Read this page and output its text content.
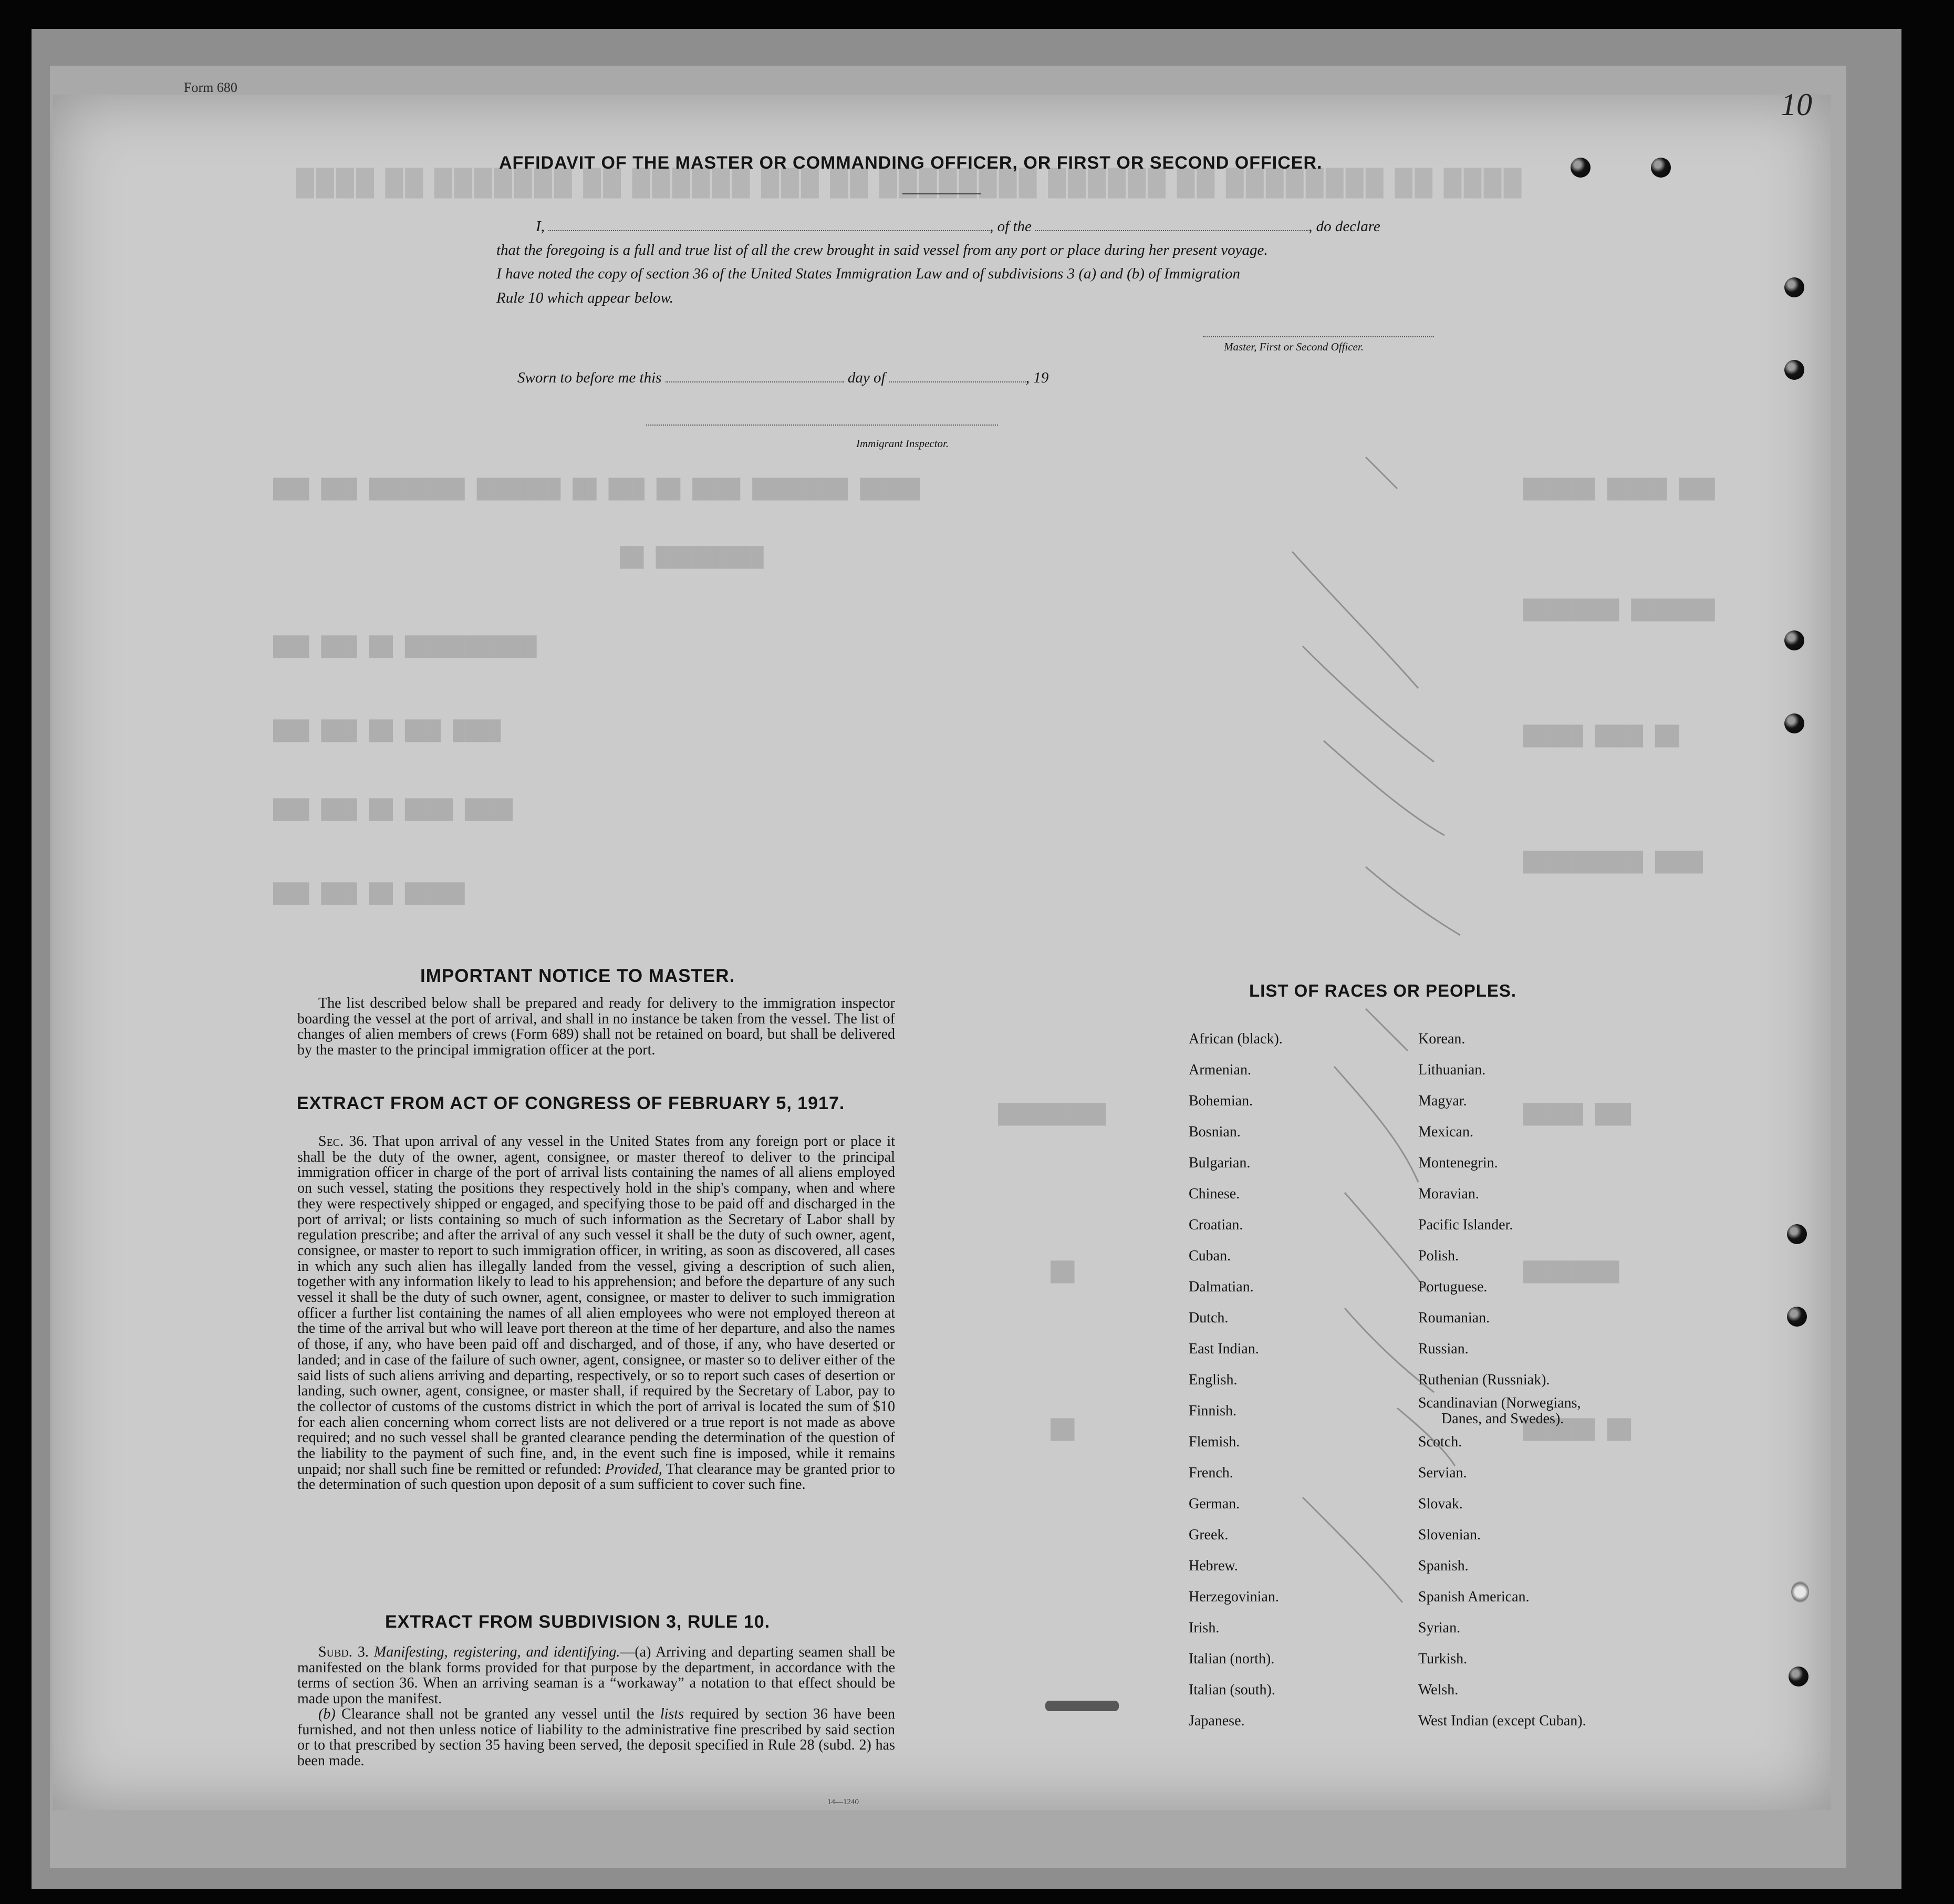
████ ██ ████████ ██ ██████ ████████ ██ ███ ██████ ██ ███████ ██ ████
███ ███ ████████ ███████ ██ ███ ██ ████ ████████ █████
██ █████████
███ ███ ██ ███████████
███ ███ ██ ███ ████
███ ███ ██ ████ ████
███ ███ ██ █████
██████ █████ ███
████████ ███████
█████ ████ ██
██████████ ████
█████ ███
████████
██████ ██
█████████
██
██
Form 680	10
AFFIDAVIT OF THE MASTER OR COMMANDING OFFICER, OR FIRST OR SECOND OFFICER.
I,	, of the	, do declare
that the foregoing is a full and true list of all the crew brought in said vessel from any port or place during her present voyage.
I have noted the copy of section 36 of the United States Immigration Law and of subdivisions 3 (a) and (b) of Immigration
Rule 10 which appear below.
Master, First or Second Officer.
Sworn to before me this	day of	, 19
Immigrant Inspector.
IMPORTANT NOTICE TO MASTER.
The list described below shall be prepared and ready for delivery to the immigration inspector boarding the vessel at the port of arrival, and shall in no instance be taken from the vessel. The list of changes of alien members of crews (Form 689) shall not be retained on board, but shall be delivered by the master to the principal immigration officer at the port.
EXTRACT FROM ACT OF CONGRESS OF FEBRUARY 5, 1917.
Sec. 36. That upon arrival of any vessel in the United States from any foreign port or place it shall be the duty of the owner, agent, consignee, or master thereof to deliver to the principal immigration officer in charge of the port of arrival lists containing the names of all aliens employed on such vessel, stating the positions they respectively hold in the ship's company, when and where they were respectively shipped or engaged, and specifying those to be paid off and discharged in the port of arrival; or lists containing so much of such information as the Secretary of Labor shall by regulation prescribe; and after the arrival of any such vessel it shall be the duty of such owner, agent, consignee, or master to report to such immigration officer, in writing, as soon as discovered, all cases in which any such alien has illegally landed from the vessel, giving a description of such alien, together with any information likely to lead to his apprehension; and before the departure of any such vessel it shall be the duty of such owner, agent, consignee, or master to deliver to such immigration officer a further list containing the names of all alien employees who were not employed thereon at the time of the arrival but who will leave port thereon at the time of her departure, and also the names of those, if any, who have been paid off and discharged, and of those, if any, who have deserted or landed; and in case of the failure of such owner, agent, consignee, or master so to deliver either of the said lists of such aliens arriving and departing, respectively, or so to report such cases of desertion or landing, such owner, agent, consignee, or master shall, if required by the Secretary of Labor, pay to the collector of customs of the customs district in which the port of arrival is located the sum of $10 for each alien concerning whom correct lists are not delivered or a true report is not made as above required; and no such vessel shall be granted clearance pending the determination of the question of the liability to the payment of such fine, and, in the event such fine is imposed, while it remains unpaid; nor shall such fine be remitted or refunded: Provided, That clearance may be granted prior to the determination of such question upon deposit of a sum sufficient to cover such fine.
EXTRACT FROM SUBDIVISION 3, RULE 10.
Subd. 3. Manifesting, registering, and identifying.—(a) Arriving and departing seamen shall be manifested on the blank forms provided for that purpose by the department, in accordance with the terms of section 36. When an arriving seaman is a “workaway” a notation to that effect should be made upon the manifest.
(b) Clearance shall not be granted any vessel until the lists required by section 36 have been furnished, and not then unless notice of liability to the administrative fine prescribed by said section or to that prescribed by section 35 having been served, the deposit specified in Rule 28 (subd. 2) has been made.
14—1240
LIST OF RACES OR PEOPLES.
African (black).
Armenian.
Bohemian.
Bosnian.
Bulgarian.
Chinese.
Croatian.
Cuban.
Dalmatian.
Dutch.
East Indian.
English.
Finnish.
Flemish.
French.
German.
Greek.
Hebrew.
Herzegovinian.
Irish.
Italian (north).
Italian (south).
Japanese.
Korean.
Lithuanian.
Magyar.
Mexican.
Montenegrin.
Moravian.
Pacific Islander.
Polish.
Portuguese.
Roumanian.
Russian.
Ruthenian (Russniak).
Scandinavian (Norwegians,
Danes, and Swedes).
Scotch.
Servian.
Slovak.
Slovenian.
Spanish.
Spanish American.
Syrian.
Turkish.
Welsh.
West Indian (except Cuban).
